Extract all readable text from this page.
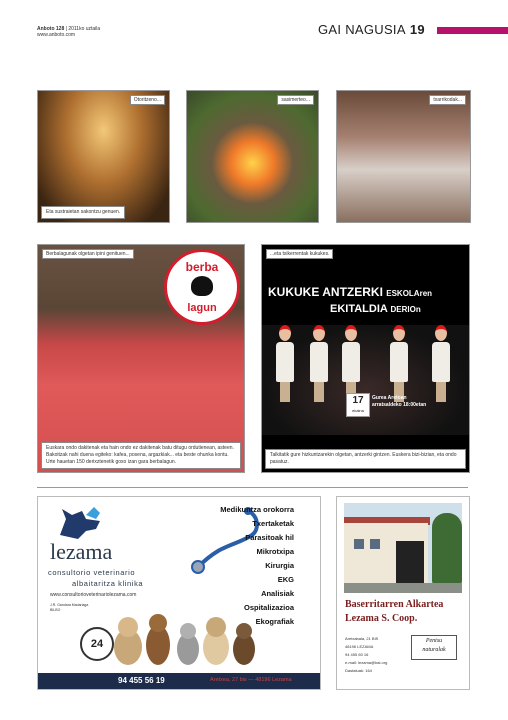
Anboto 128 | 2011ko uztaila
www.anboto.com	GAI NAGUSIA 19
Otoritzeno...
Eta sustraietan sakontzu genuen.
sasimerteo...	txarrikodak...
Berbalagunak olgetan ipini genituen...
berba
lagun
Euskara ondo dakitenak eta hain ondo ez dakitenak batu ditugu ordutienean, asteen. Bakoitzak nahi duena egiteko: kafea, posena, argazkiak... eta beste ohunka kontu. Urte hauetan 150 derixztenetik goxo izan gara berbalagun.
...eta txikerrentak kukukes.
KUKUKE ANTZERKI ESKOLAren
EKITALDIA DERIOn
17
ekaina
Gurea Aretoan
arratsaldeko 18:00etan
Talkitatik gure hizkuntzarekin olgetan, antzerki gintzen. Euskera bizi-bizian, eta ondo pasatuz.
lezama
consultorio veterinario
albaitaritza klinika
www.consultorioveterinariolezama.com
J.R. Gandara Madariaga
BILBO
Medikuntza orokorra
Txertaketak
Parasitoak hil
Mikrotxipa
Kirurgia
EKG
Analisiak
Ospitalizazioa
Ekografiak
24
94 455 56 19	Aretxea, 27 bis — 48196 Lezama
Baserritarren Alkartea
Lezama S. Coop.
Aretxabala, 21 BIS
48196 LEZAMA
94 455 60 16
e-mail: lezama@bai.org
Dastatuak: 164
Pentsu
naturalak
